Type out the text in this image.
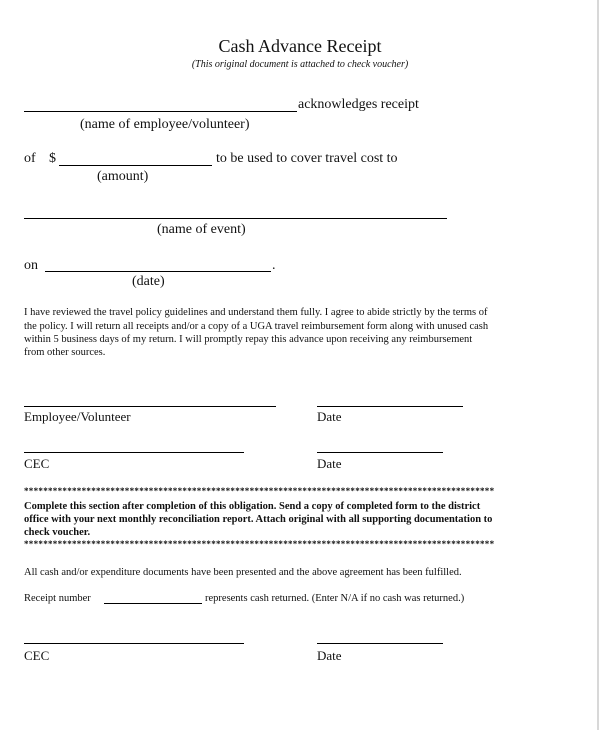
Cash Advance Receipt
(This original document is attached to check voucher)
acknowledges receipt
(name of employee/volunteer)
of $	to be used to cover travel cost to
(amount)
(name of event)
on	.
(date)
I have reviewed the travel policy guidelines and understand them fully. I agree to abide strictly by the terms of
the policy. I will return all receipts and/or a copy of a UGA travel reimbursement form along with unused cash
within 5 business days of my return. I will promptly repay this advance upon receiving any reimbursement
from other sources.
Employee/Volunteer	Date
CEC	Date
**************************************************************************************************
Complete this section after completion of this obligation. Send a copy of completed form to the district
office with your next monthly reconciliation report. Attach original with all supporting documentation to
check voucher.
**************************************************************************************************
All cash and/or expenditure documents have been presented and the above agreement has been fulfilled.
Receipt number	represents cash returned. (Enter N/A if no cash was returned.)
CEC	Date
